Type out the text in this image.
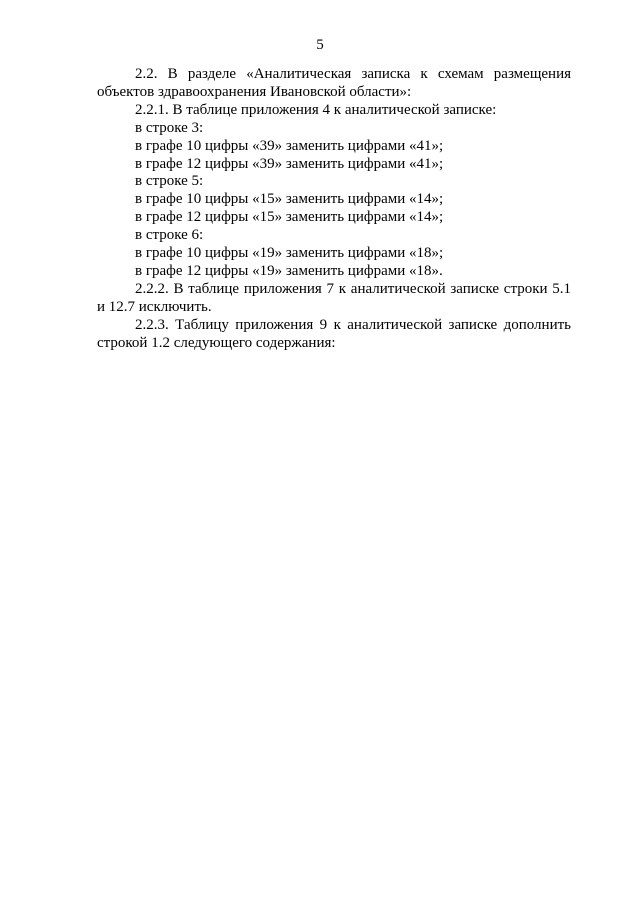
5
2.2. В разделе «Аналитическая записка к схемам размещения
объектов здравоохранения Ивановской области»:
2.2.1. В таблице приложения 4 к аналитической записке:
в строке 3:
в графе 10 цифры «39» заменить цифрами «41»;
в графе 12 цифры «39» заменить цифрами «41»;
в строке 5:
в графе 10 цифры «15» заменить цифрами «14»;
в графе 12 цифры «15» заменить цифрами «14»;
в строке 6:
в графе 10 цифры «19» заменить цифрами «18»;
в графе 12 цифры «19» заменить цифрами «18».
2.2.2. В таблице приложения 7 к аналитической записке строки 5.1
и 12.7 исключить.
2.2.3. Таблицу приложения 9 к аналитической записке дополнить
строкой 1.2 следующего содержания:
